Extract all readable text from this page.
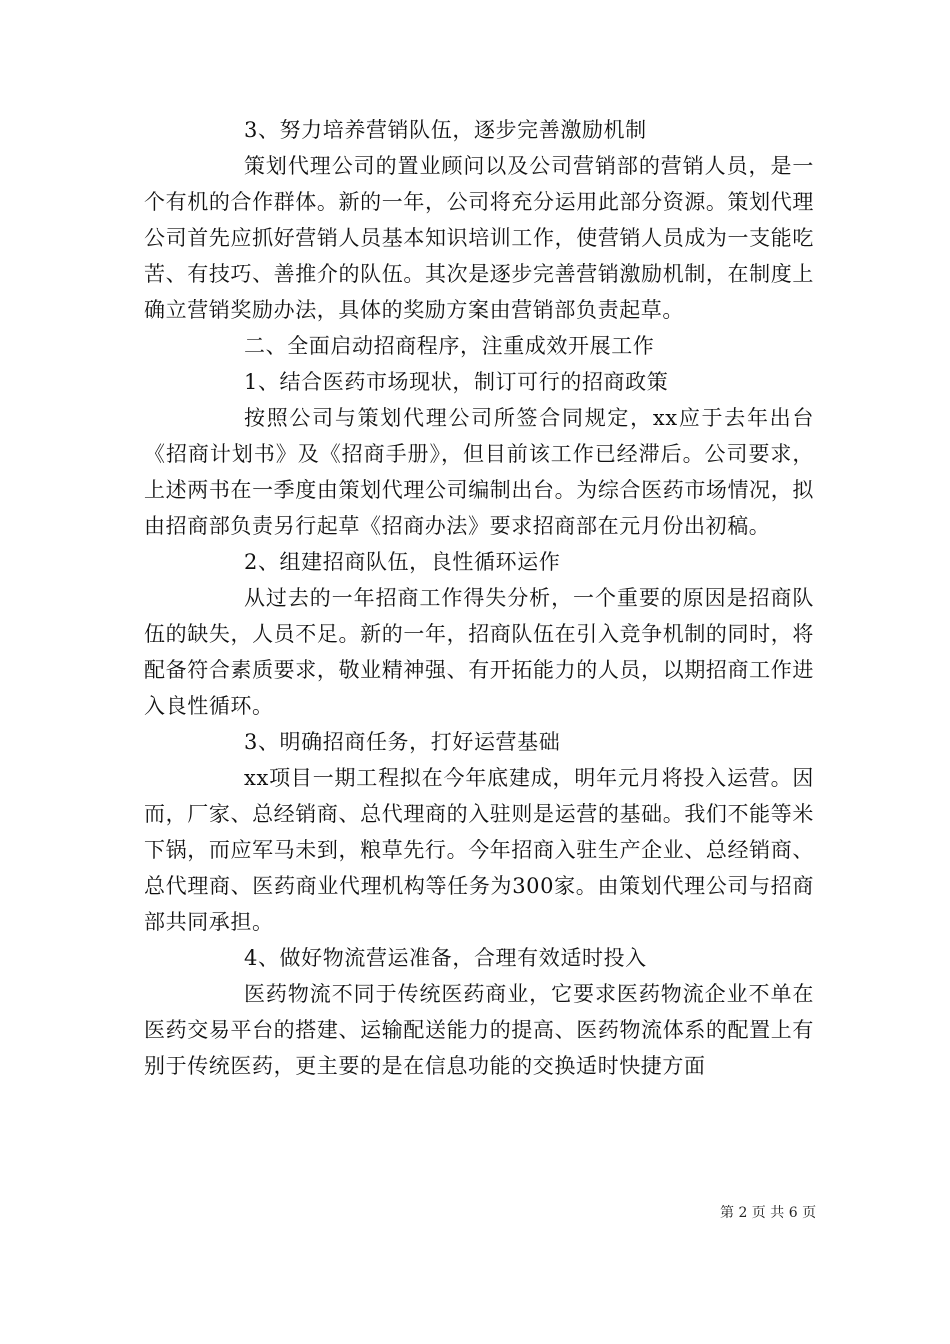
3、努力培养营销队伍，逐步完善激励机制

策划代理公司的置业顾问以及公司营销部的营销人员，是一个有机的合作群体。新的一年，公司将充分运用此部分资源。策划代理公司首先应抓好营销人员基本知识培训工作，使营销人员成为一支能吃苦、有技巧、善推介的队伍。其次是逐步完善营销激励机制，在制度上确立营销奖励办法，具体的奖励方案由营销部负责起草。

二、全面启动招商程序，注重成效开展工作

1、结合医药市场现状，制订可行的招商政策

按照公司与策划代理公司所签合同规定，xx应于去年出台《招商计划书》及《招商手册》，但目前该工作已经滞后。公司要求，上述两书在一季度由策划代理公司编制出台。为综合医药市场情况，拟由招商部负责另行起草《招商办法》要求招商部在元月份出初稿。

2、组建招商队伍，良性循环运作

从过去的一年招商工作得失分析，一个重要的原因是招商队伍的缺失，人员不足。新的一年，招商队伍在引入竞争机制的同时，将配备符合素质要求，敬业精神强、有开拓能力的人员，以期招商工作进入良性循环。

3、明确招商任务，打好运营基础

xx项目一期工程拟在今年底建成，明年元月将投入运营。因而，厂家、总经销商、总代理商的入驻则是运营的基础。我们不能等米下锅，而应军马未到，粮草先行。今年招商入驻生产企业、总经销商、总代理商、医药商业代理机构等任务为300家。由策划代理公司与招商部共同承担。

4、做好物流营运准备，合理有效适时投入

医药物流不同于传统医药商业，它要求医药物流企业不单在医药交易平台的搭建、运输配送能力的提高、医药物流体系的配置上有别于传统医药，更主要的是在信息功能的交换适时快捷方面

第 2 页 共 6 页
